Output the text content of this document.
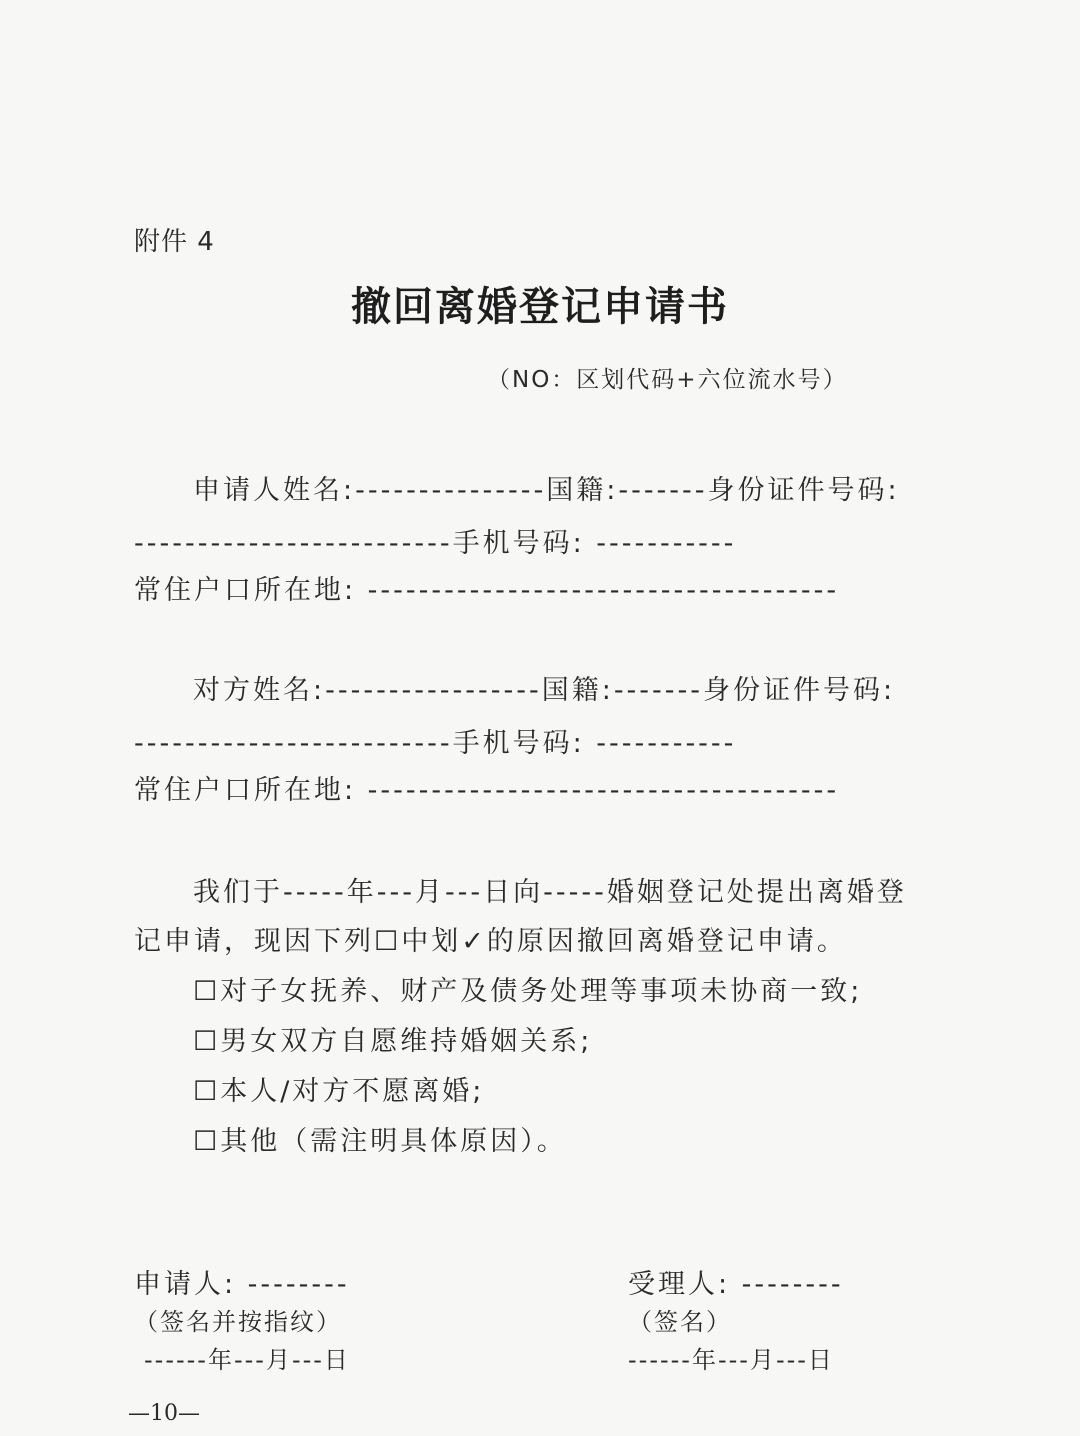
附件 4
撤回离婚登记申请书
（NO：区划代码+六位流水号）
申请人姓名:---------------国籍:-------身份证件号码:
-------------------------手机号码: -----------
常住户口所在地: -------------------------------------
对方姓名:-----------------国籍:-------身份证件号码:
-------------------------手机号码: -----------
常住户口所在地: -------------------------------------
我们于-----年---月---日向-----婚姻登记处提出离婚登
记申请，现因下列☐中划✓的原因撤回离婚登记申请。
☐对子女抚养、财产及债务处理等事项未协商一致;
☐男女双方自愿维持婚姻关系;
☐本人/对方不愿离婚;
☐其他（需注明具体原因）。
申请人: --------
（签名并按指纹）
------年---月---日
受理人: --------
（签名）
------年---月---日
—10—
